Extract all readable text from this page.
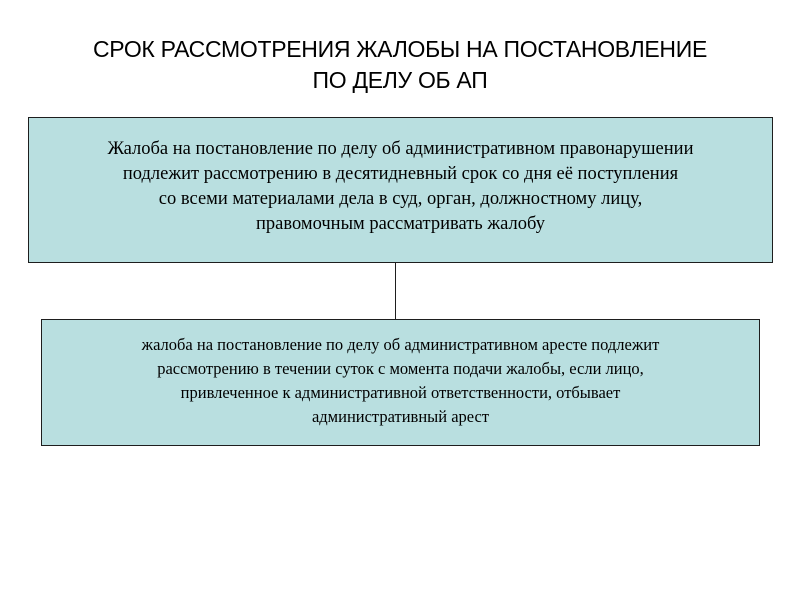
СРОК РАССМОТРЕНИЯ ЖАЛОБЫ НА ПОСТАНОВЛЕНИЕ
ПО ДЕЛУ ОБ АП
Жалоба на постановление по делу об административном правонарушении
подлежит рассмотрению в десятидневный срок со дня её поступления
со всеми материалами дела в суд, орган, должностному лицу,
правомочным рассматривать жалобу
жалоба на постановление по делу об административном аресте подлежит
рассмотрению в течении суток с момента подачи жалобы, если лицо,
привлеченное к административной ответственности, отбывает
административный арест
